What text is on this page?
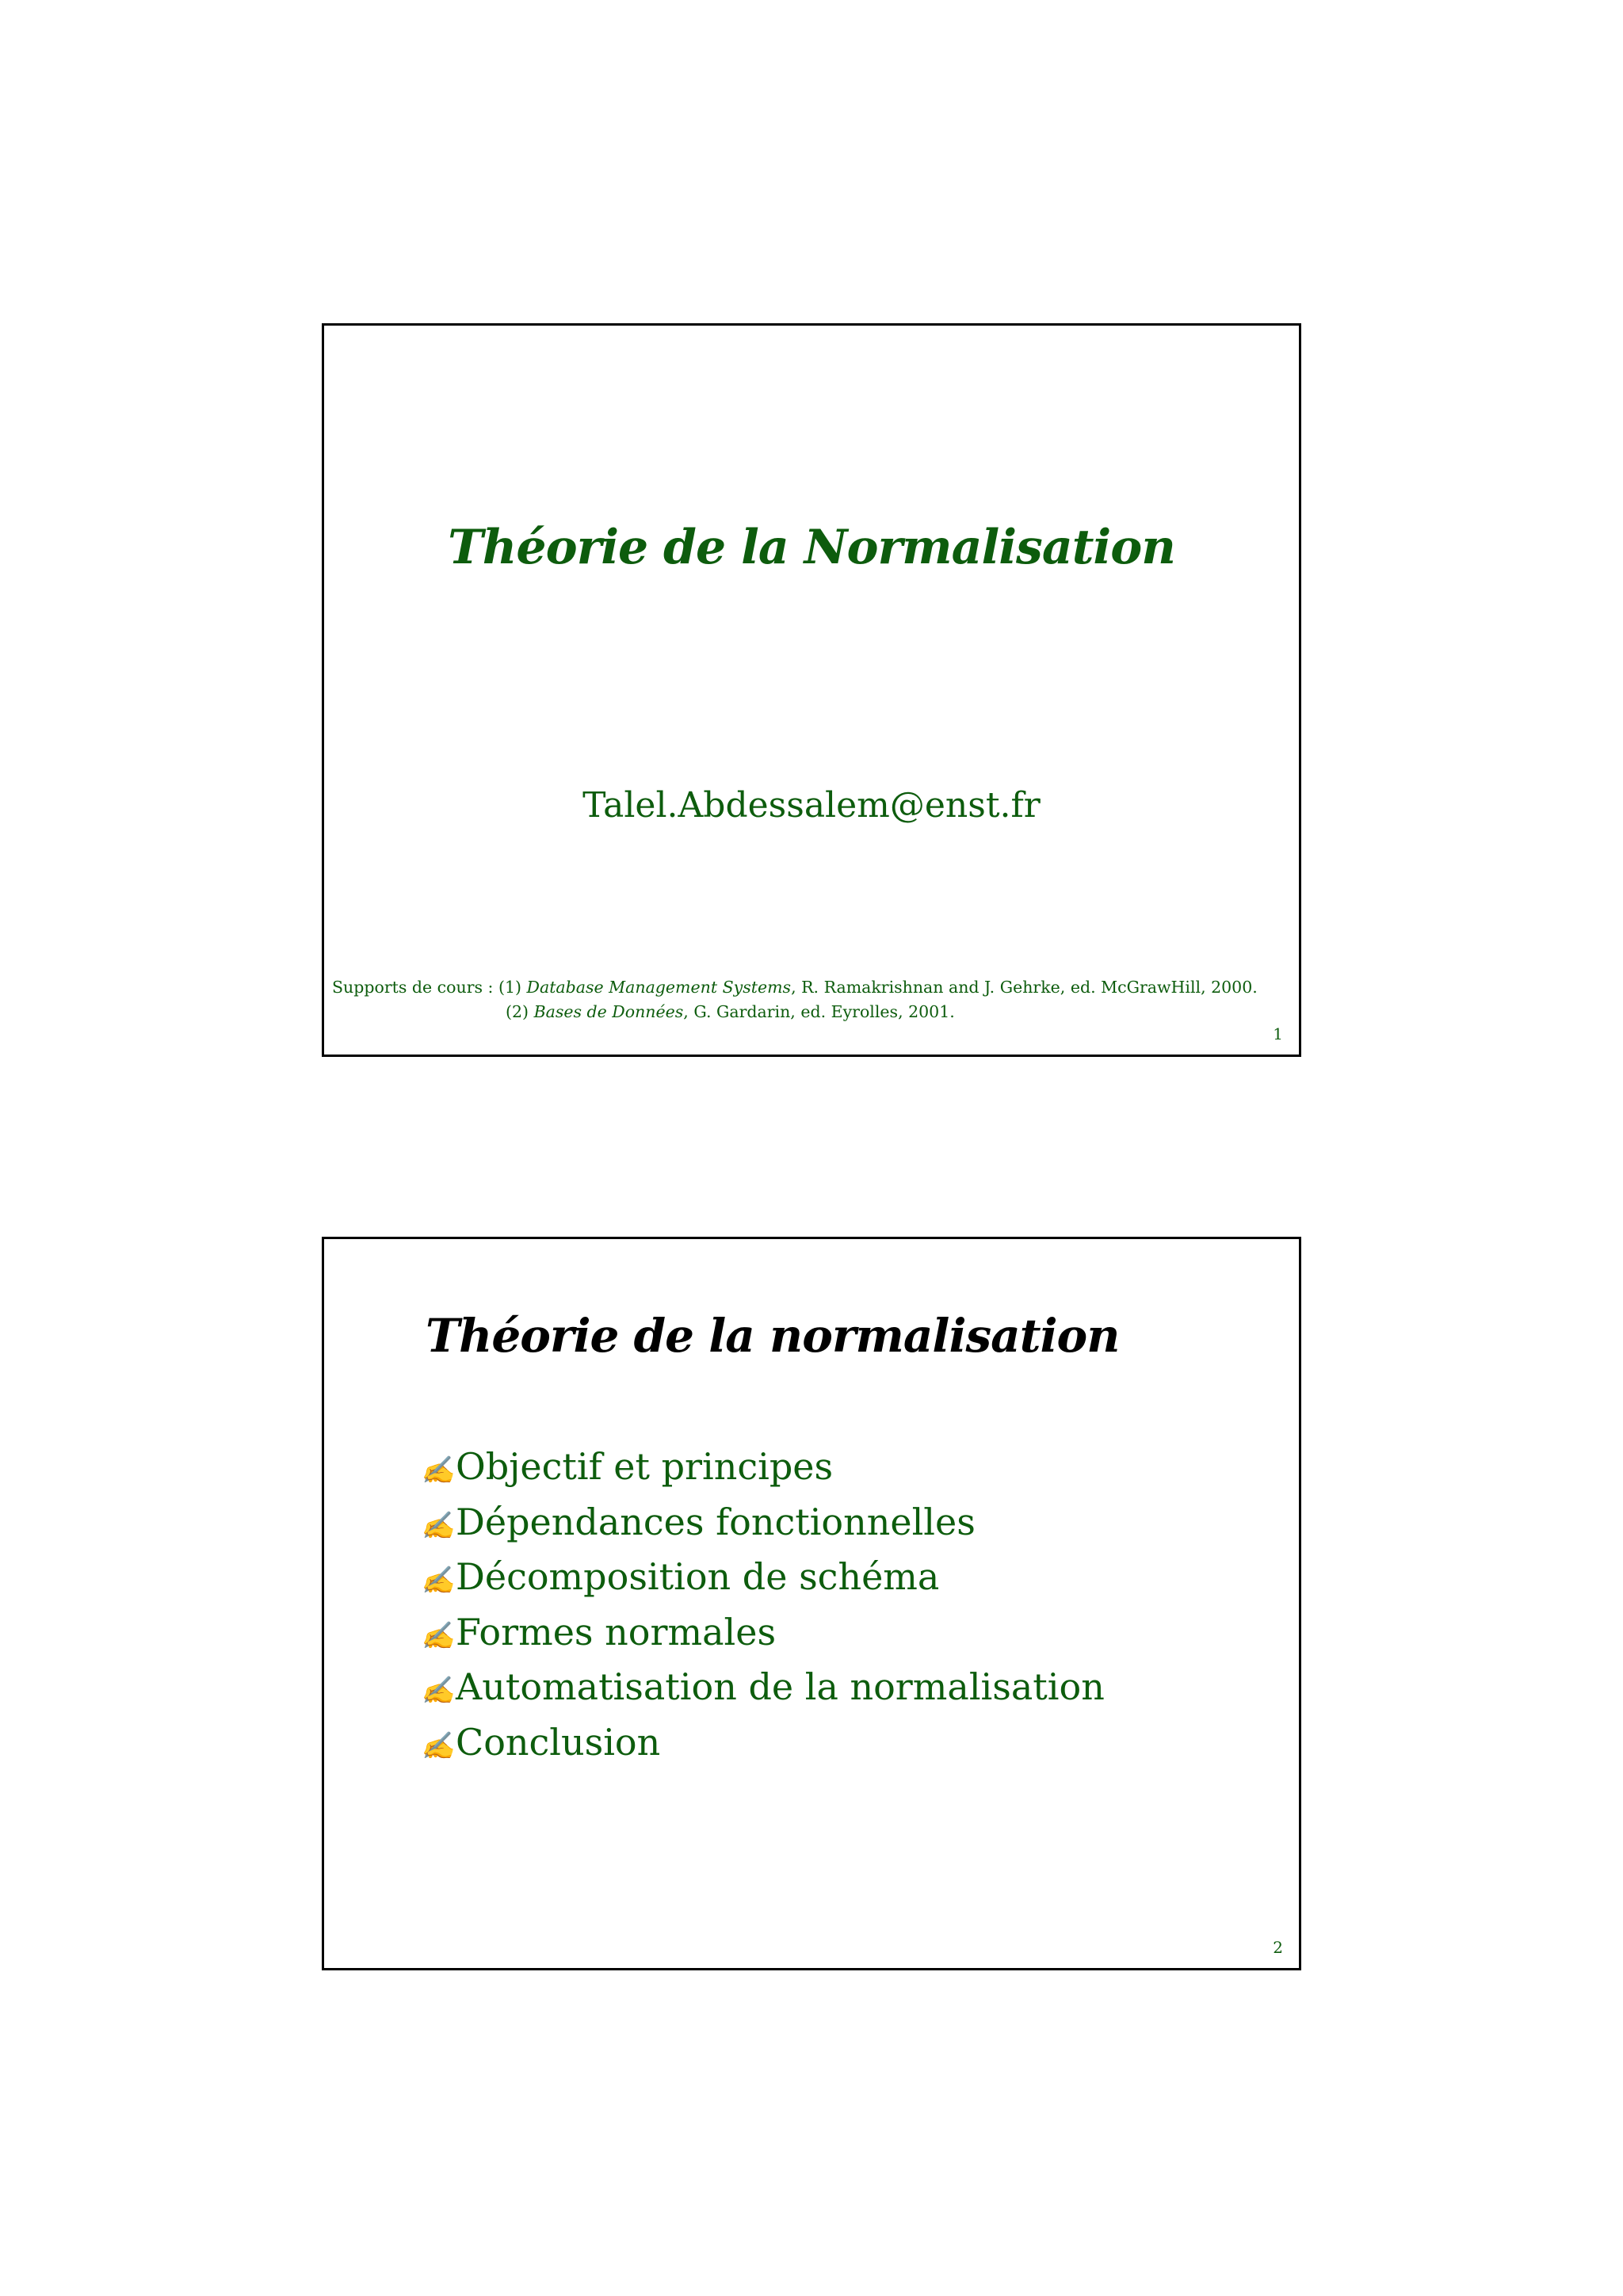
Théorie de la Normalisation
Talel.Abdessalem@enst.fr
Supports de cours : (1) Database Management Systems, R. Ramakrishnan and J. Gehrke, ed. McGrawHill, 2000.
(2) Bases de Données, G. Gardarin, ed. Eyrolles, 2001.
1
Théorie de la normalisation
✍ Objectif et principes
✍ Dépendances fonctionnelles
✍ Décomposition de schéma
✍ Formes normales
✍ Automatisation de la normalisation
✍ Conclusion
2
